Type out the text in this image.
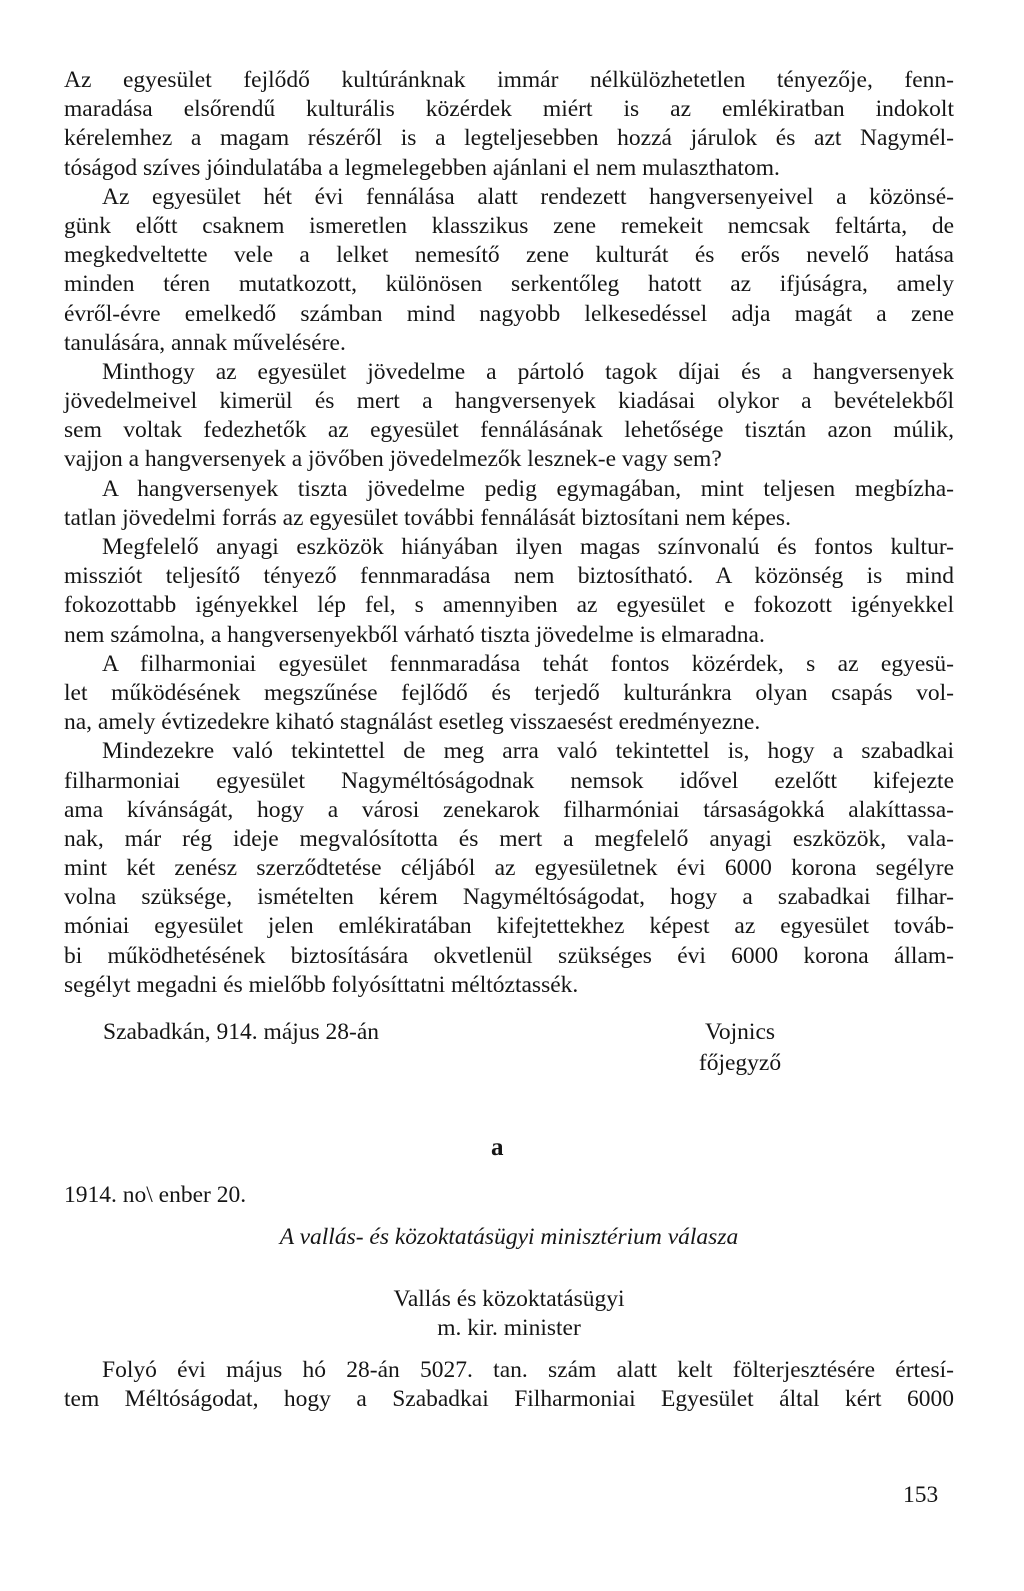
Az egyesület fejlődő kultúránknak immár nélkülözhetetlen tényezője, fenn-
maradása elsőrendű kulturális közérdek miért is az emlékiratban indokolt
kérelemhez a magam részéről is a legteljesebben hozzá járulok és azt Nagymél-
tóságod szíves jóindulatába a legmelegebben ajánlani el nem mulaszthatom.
Az egyesület hét évi fennálása alatt rendezett hangversenyeivel a közönsé-
günk előtt csaknem ismeretlen klasszikus zene remekeit nemcsak feltárta, de
megkedveltette vele a lelket nemesítő zene kulturát és erős nevelő hatása
minden téren mutatkozott, különösen serkentőleg hatott az ifjúságra, amely
évről-évre emelkedő számban mind nagyobb lelkesedéssel adja magát a zene
tanulására, annak művelésére.
Minthogy az egyesület jövedelme a pártoló tagok díjai és a hangversenyek
jövedelmeivel kimerül és mert a hangversenyek kiadásai olykor a bevételekből
sem voltak fedezhetők az egyesület fennálásának lehetősége tisztán azon múlik,
vajjon a hangversenyek a jövőben jövedelmezők lesznek-e vagy sem?
A hangversenyek tiszta jövedelme pedig egymagában, mint teljesen megbízha-
tatlan jövedelmi forrás az egyesület további fennálását biztosítani nem képes.
Megfelelő anyagi eszközök hiányában ilyen magas színvonalú és fontos kultur-
missziót teljesítő tényező fennmaradása nem biztosítható. A közönség is mind
fokozottabb igényekkel lép fel, s amennyiben az egyesület e fokozott igényekkel
nem számolna, a hangversenyekből várható tiszta jövedelme is elmaradna.
A filharmoniai egyesület fennmaradása tehát fontos közérdek, s az egyesü-
let működésének megszűnése fejlődő és terjedő kulturánkra olyan csapás vol-
na, amely évtizedekre kiható stagnálást esetleg visszaesést eredményezne.
Mindezekre való tekintettel de meg arra való tekintettel is, hogy a szabadkai
filharmoniai egyesület Nagyméltóságodnak nemsok idővel ezelőtt kifejezte
ama kívánságát, hogy a városi zenekarok filharmóniai társaságokká alakíttassa-
nak, már rég ideje megvalósította és mert a megfelelő anyagi eszközök, vala-
mint két zenész szerződtetése céljából az egyesületnek évi 6000 korona segélyre
volna szüksége, ismételten kérem Nagyméltóságodat, hogy a szabadkai filhar-
móniai egyesület jelen emlékiratában kifejtettekhez képest az egyesület továb-
bi működhetésének biztosítására okvetlenül szükséges évi 6000 korona állam-
segélyt megadni és mielőbb folyósíttatni méltóztassék.
Szabadkán, 914. május 28-án	Vojnics
főjegyző
a
1914. no\ enber 20.
A vallás- és közoktatásügyi minisztérium válasza
Vallás és közoktatásügyi
m. kir. minister
Folyó évi május hó 28-án 5027. tan. szám alatt kelt fölterjesztésére értesí-
tem Méltóságodat, hogy a Szabadkai Filharmoniai Egyesület által kért 6000
153
